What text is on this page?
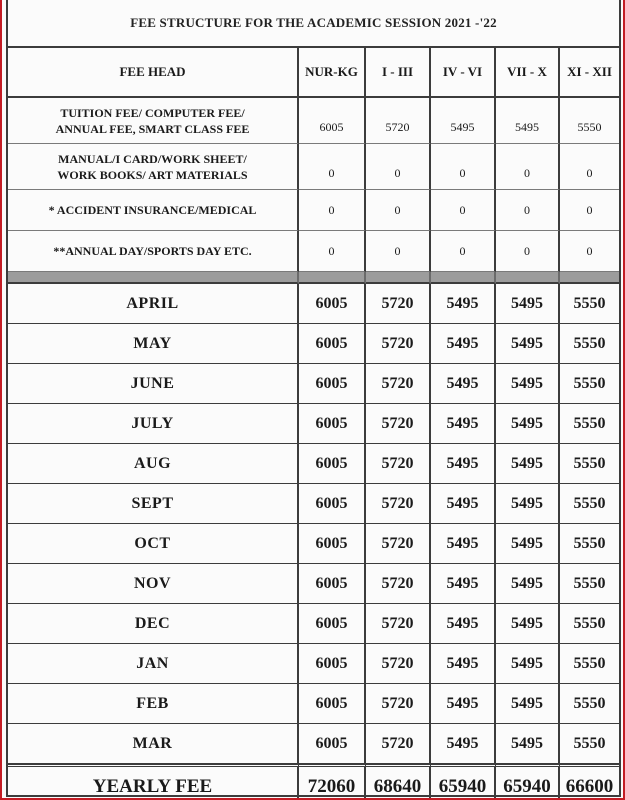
FEE STRUCTURE FOR THE ACADEMIC SESSION 2021 -'22
FEE HEAD	NUR-KG	I - III	IV - VI	VII - X	XI - XII
TUITION FEE/ COMPUTER FEE/
ANNUAL FEE, SMART CLASS FEE	6005	5720	5495	5495	5550
MANUAL/I CARD/WORK SHEET/
WORK BOOKS/ ART MATERIALS	0	0	0	0	0
* ACCIDENT INSURANCE/MEDICAL	0	0	0	0	0
**ANNUAL DAY/SPORTS DAY ETC.	0	0	0	0	0

APRIL	6005	5720	5495	5495	5550
MAY	6005	5720	5495	5495	5550
JUNE	6005	5720	5495	5495	5550
JULY	6005	5720	5495	5495	5550
AUG	6005	5720	5495	5495	5550
SEPT	6005	5720	5495	5495	5550
OCT	6005	5720	5495	5495	5550
NOV	6005	5720	5495	5495	5550
DEC	6005	5720	5495	5495	5550
JAN	6005	5720	5495	5495	5550
FEB	6005	5720	5495	5495	5550
MAR	6005	5720	5495	5495	5550
YEARLY FEE	72060	68640	65940	65940	66600
